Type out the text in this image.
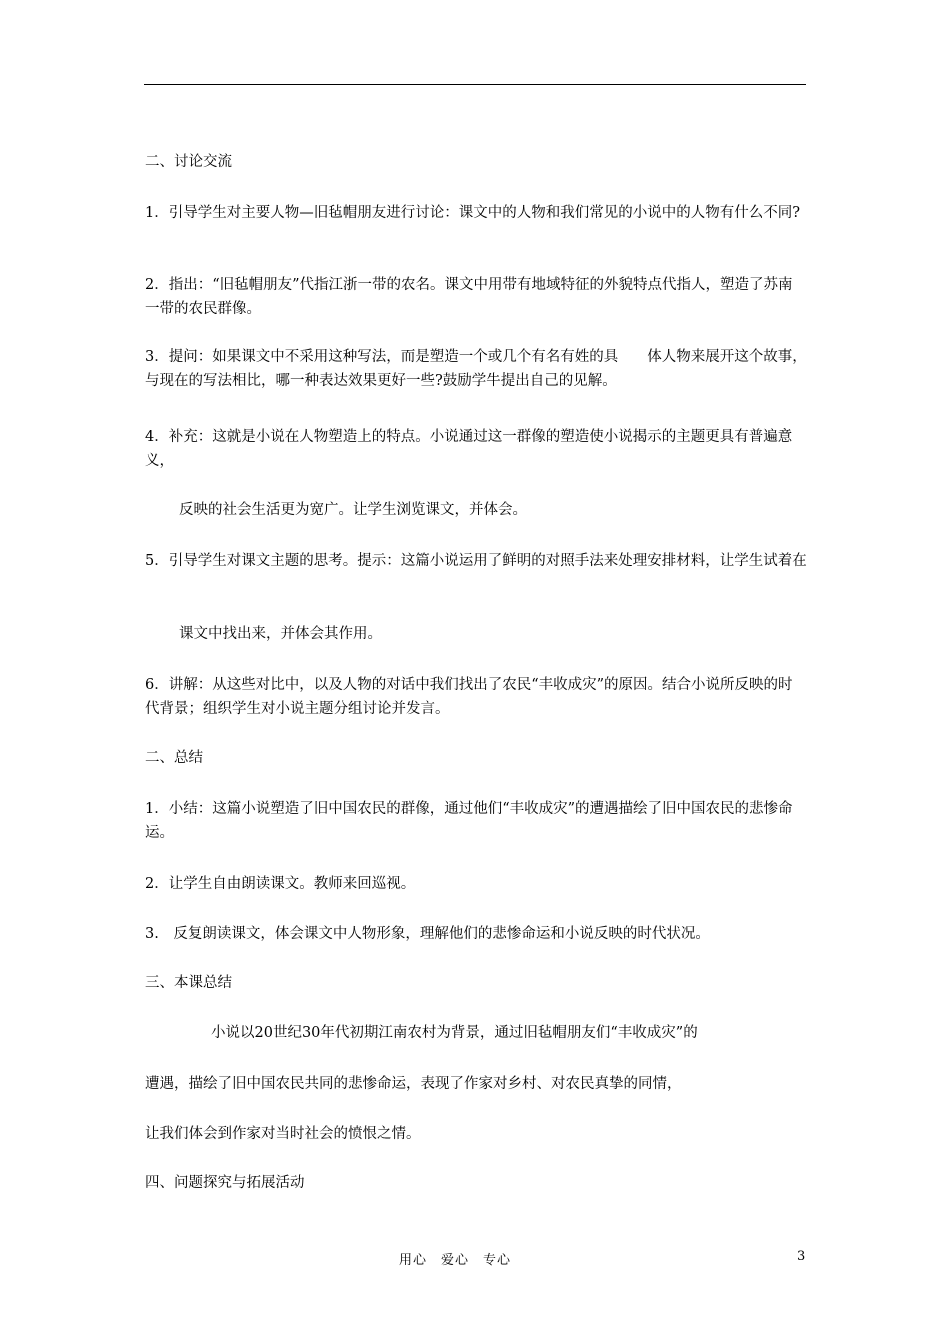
二、讨论交流

1．引导学生对主要人物—旧毡帽朋友进行讨论：课文中的人物和我们常见的小说中的人物有什么不同?

2．指出：“旧毡帽朋友”代指江浙一带的农名。课文中用带有地域特征的外貌特点代指人，塑造了苏南一带的农民群像。

3．提问：如果课文中不采用这种写法，而是塑造一个或几个有名有姓的具　　体人物来展开这个故事，与现在的写法相比，哪一种表达效果更好一些?鼓励学牛提出自己的见解。

4．补充：这就是小说在人物塑造上的特点。小说通过这一群像的塑造使小说揭示的主题更具有普遍意义，

反映的社会生活更为宽广。让学生浏览课文，并体会。

5．引导学生对课文主题的思考。提示：这篇小说运用了鲜明的对照手法来处理安排材料，让学生试着在

课文中找出来，并体会其作用。

6．讲解：从这些对比中，以及人物的对话中我们找出了农民“丰收成灾”的原因。结合小说所反映的时代背景；组织学生对小说主题分组讨论并发言。

二、总结

1．小结：这篇小说塑造了旧中国农民的群像，通过他们“丰收成灾”的遭遇描绘了旧中国农民的悲惨命运。

2．让学生自由朗读课文。教师来回巡视。

3.　反复朗读课文，体会课文中人物形象，理解他们的悲惨命运和小说反映的时代状况。

三、本课总结

小说以20世纪30年代初期江南农村为背景，通过旧毡帽朋友们“丰收成灾”的

遭遇，描绘了旧中国农民共同的悲惨命运，表现了作家对乡村、对农民真挚的同情，

让我们体会到作家对当时社会的愤恨之情。

四、问题探究与拓展活动

用心　爱心　专心	3
